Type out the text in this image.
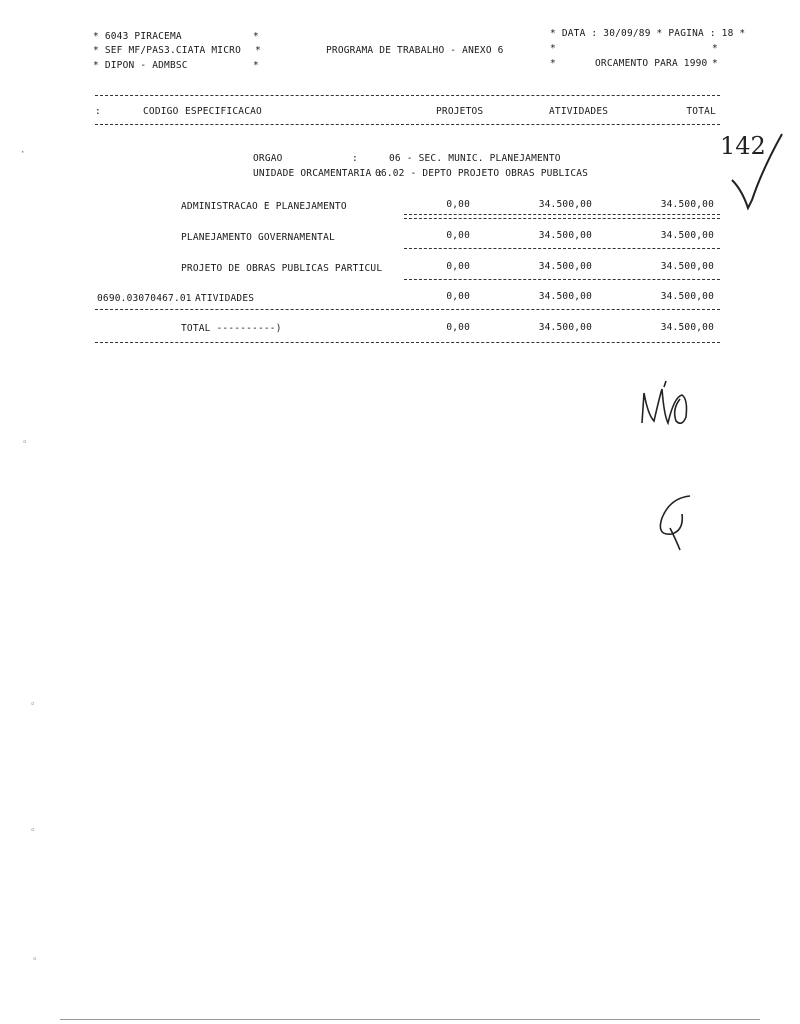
* 6043 PIRACEMA
* SEF MF/PAS3.CIATA MICRO
* DIPON - ADMBSC
*
*
*
PROGRAMA DE TRABALHO - ANEXO 6
* DATA : 30/09/89 * PAGINA : 18 *
*	*
*	ORCAMENTO PARA 1990 *
:	CODIGO ESPECIFICACAO	PROJETOS	ATIVIDADES	TOTAL
ORGAO	:	06 - SEC. MUNIC. PLANEJAMENTO
UNIDADE ORCAMENTARIA :
06.02 - DEPTO PROJETO OBRAS PUBLICAS
ADMINISTRACAO E PLANEJAMENTO	0,00	34.500,00	34.500,00
PLANEJAMENTO GOVERNAMENTAL	0,00	34.500,00	34.500,00
PROJETO DE OBRAS PUBLICAS PARTICUL	0,00	34.500,00	34.500,00
0690.03070467.01 ATIVIDADES	0,00	34.500,00	34.500,00
TOTAL ----------)	0,00	34.500,00	34.500,00
142
·
◦
◦
◦
◦
